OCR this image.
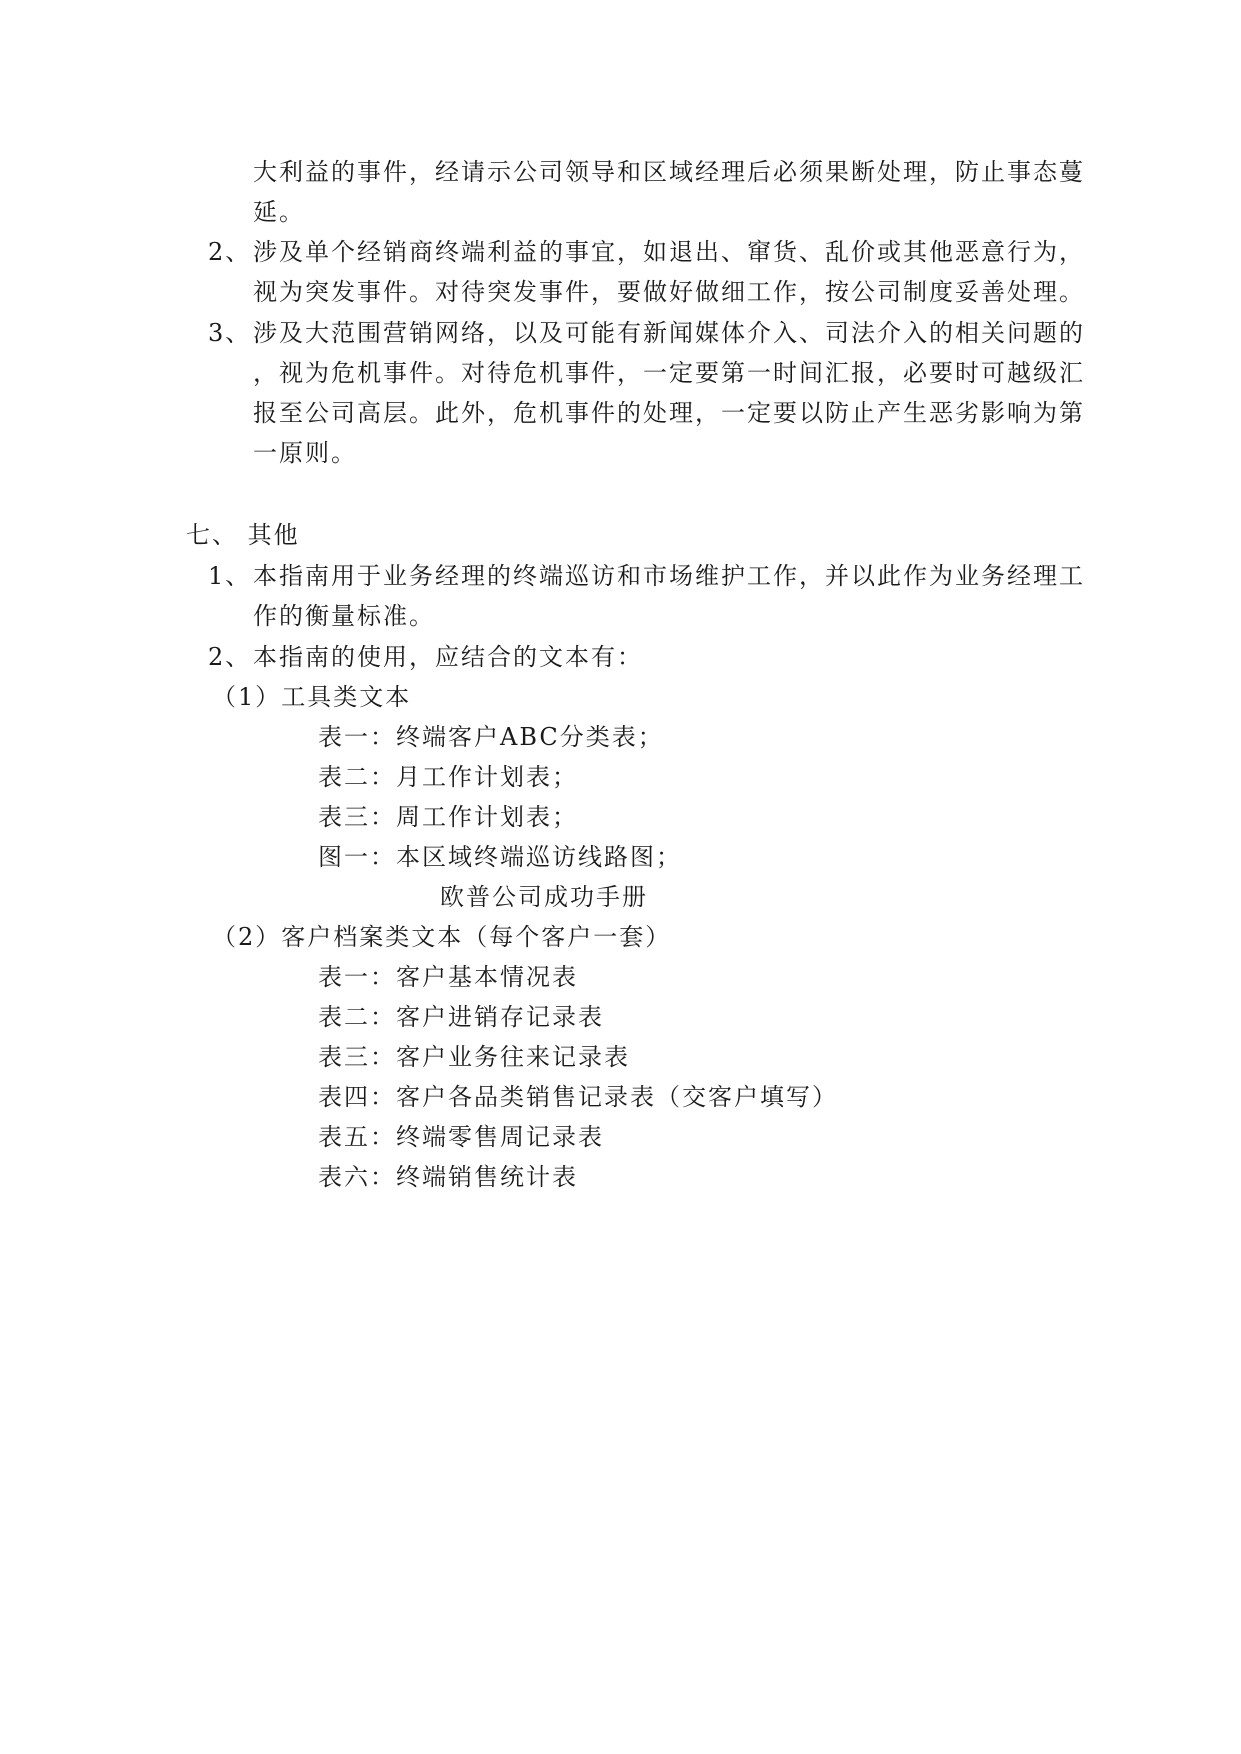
大利益的事件，经请示公司领导和区域经理后必须果断处理，防止事态蔓
延。
2、 涉及单个经销商终端利益的事宜，如退出、窜货、乱价或其他恶意行为，
视为突发事件。对待突发事件，要做好做细工作，按公司制度妥善处理。
3、 涉及大范围营销网络，以及可能有新闻媒体介入、司法介入的相关问题的
，视为危机事件。对待危机事件，一定要第一时间汇报，必要时可越级汇
报至公司高层。此外，危机事件的处理，一定要以防止产生恶劣影响为第
一原则。
七、 其他
1、 本指南用于业务经理的终端巡访和市场维护工作，并以此作为业务经理工
作的衡量标准。
2、 本指南的使用，应结合的文本有：
（1）工具类文本
表一：终端客户ABC分类表；
表二：月工作计划表；
表三：周工作计划表；
图一：本区域终端巡访线路图；
欧普公司成功手册
（2）客户档案类文本（每个客户一套）
表一：客户基本情况表
表二：客户进销存记录表
表三：客户业务往来记录表
表四：客户各品类销售记录表（交客户填写）
表五：终端零售周记录表
表六：终端销售统计表
